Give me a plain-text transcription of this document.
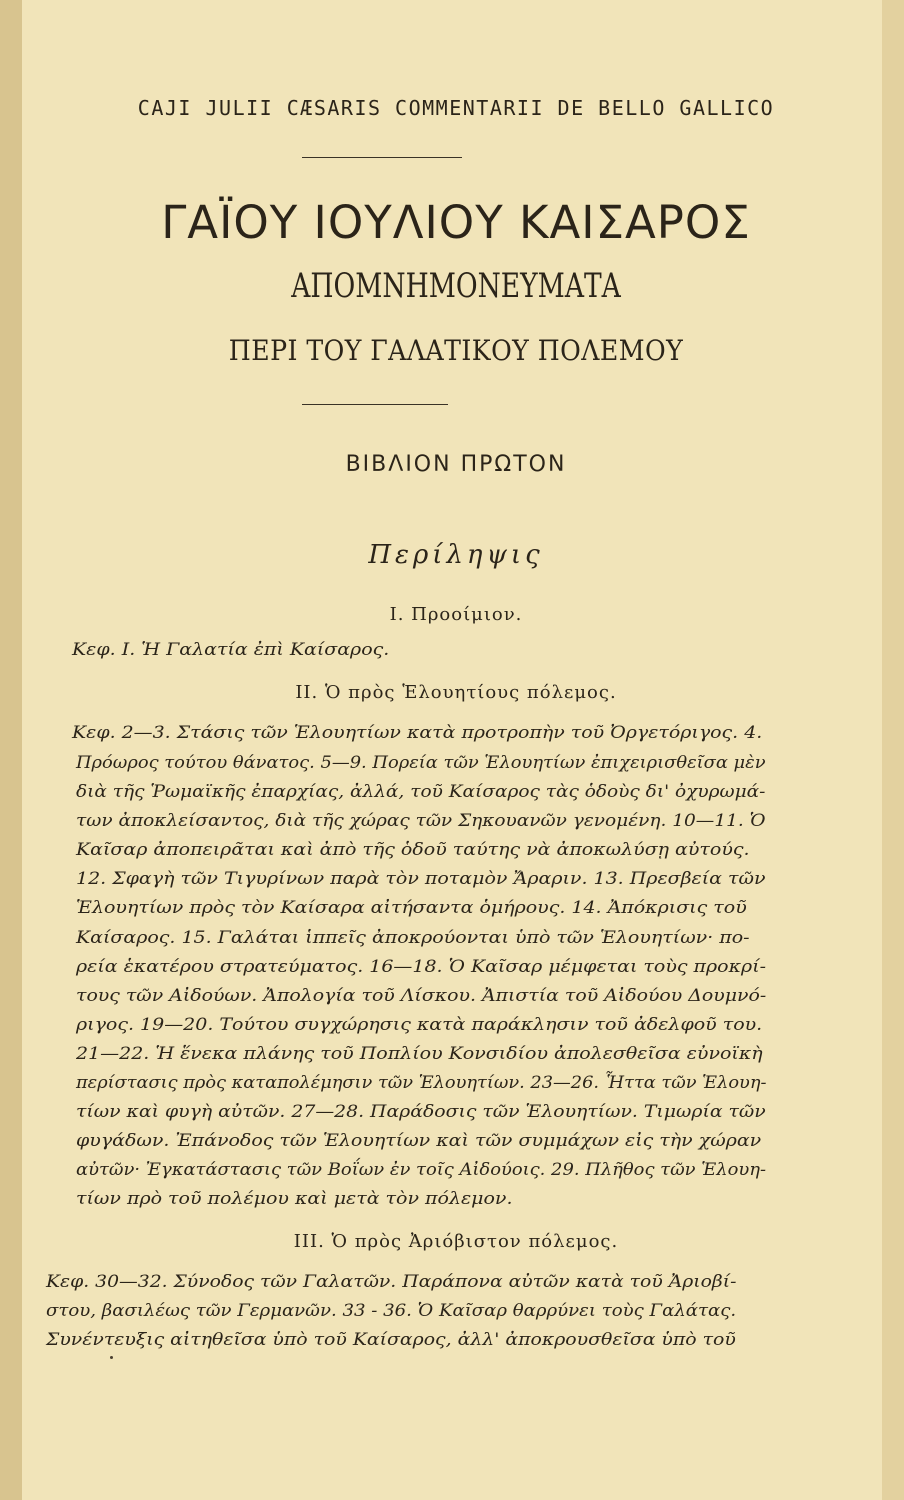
CAJI JULII CÆSARIS COMMENTARII DE BELLO GALLICO
ΓΑΪΟΥ ΙΟΥΛΙΟΥ ΚΑΙΣΑΡΟΣ
ΑΠΟΜΝΗΜΟΝΕΥΜΑΤΑ
ΠΕΡΙ ΤΟΥ ΓΑΛΑΤΙΚΟΥ ΠΟΛΕΜΟΥ
ΒΙΒΛΙΟΝ ΠΡΩΤΟΝ
Περίληψις
I. Προοίμιον.
Κεφ. I. Ἡ Γαλατία ἐπὶ Καίσαρος.
II. Ὁ πρὸς Ἑλουητίους πόλεμος.
Κεφ. 2—3. Στάσις τῶν Ἑλουητίων κατὰ προτροπὴν τοῦ Ὀργετόριγος. 4.
Πρόωρος τούτου θάνατος. 5—9. Πορεία τῶν Ἑλουητίων ἐπιχειρισθεῖσα μὲν
διὰ τῆς Ῥωμαϊκῆς ἐπαρχίας, ἀλλά, τοῦ Καίσαρος τὰς ὁδοὺς δι' ὀχυρωμά-
των ἀποκλείσαντος, διὰ τῆς χώρας τῶν Σηκουανῶν γενομένη. 10—11. Ὁ
Καῖσαρ ἀποπειρᾶται καὶ ἀπὸ τῆς ὁδοῦ ταύτης νὰ ἀποκωλύσῃ αὐτούς.
12. Σφαγὴ τῶν Τιγυρίνων παρὰ τὸν ποταμὸν Ἄραριν. 13. Πρεσβεία τῶν
Ἑλουητίων πρὸς τὸν Καίσαρα αἰτήσαντα ὁμήρους. 14. Ἀπόκρισις τοῦ
Καίσαρος. 15. Γαλάται ἱππεῖς ἀποκρούονται ὑπὸ τῶν Ἑλουητίων· πο-
ρεία ἑκατέρου στρατεύματος. 16—18. Ὁ Καῖσαρ μέμφεται τοὺς προκρί-
τους τῶν Αἰδούων. Ἀπολογία τοῦ Λίσκου. Ἀπιστία τοῦ Αἰδούου Δουμνό-
ριγος. 19—20. Τούτου συγχώρησις κατὰ παράκλησιν τοῦ ἀδελφοῦ του.
21—22. Ἡ ἕνεκα πλάνης τοῦ Ποπλίου Κονσιδίου ἀπολεσθεῖσα εὐνοϊκὴ
περίστασις πρὸς καταπολέμησιν τῶν Ἑλουητίων. 23—26. Ἧττα τῶν Ἑλουη-
τίων καὶ φυγὴ αὐτῶν. 27—28. Παράδοσις τῶν Ἑλουητίων. Τιμωρία τῶν
φυγάδων. Ἐπάνοδος τῶν Ἑλουητίων καὶ τῶν συμμάχων εἰς τὴν χώραν
αὐτῶν· Ἐγκατάστασις τῶν Βοΐων ἐν τοῖς Αἰδούοις. 29. Πλῆθος τῶν Ἑλουη-
τίων πρὸ τοῦ πολέμου καὶ μετὰ τὸν πόλεμον.
III. Ὁ πρὸς Ἀριόβιστον πόλεμος.
Κεφ. 30—32. Σύνοδος τῶν Γαλατῶν. Παράπονα αὐτῶν κατὰ τοῦ Ἀριοβί-
στου, βασιλέως τῶν Γερμανῶν. 33 - 36. Ὁ Καῖσαρ θαρρύνει τοὺς Γαλάτας.
Συνέντευξις αἰτηθεῖσα ὑπὸ τοῦ Καίσαρος, ἀλλ' ἀποκρουσθεῖσα ὑπὸ τοῦ
